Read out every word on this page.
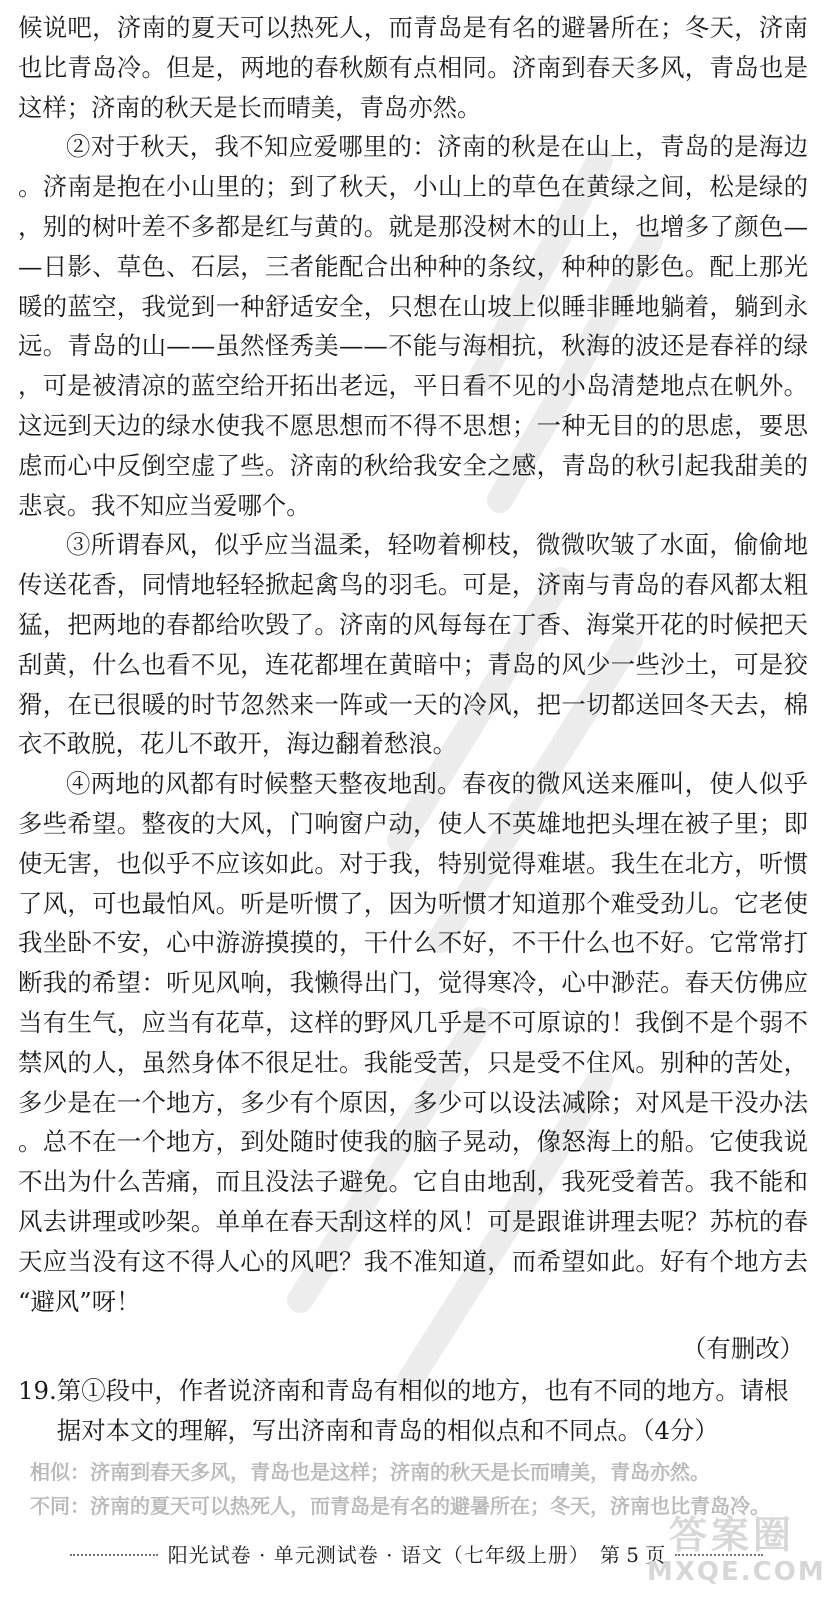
候说吧，济南的夏天可以热死人，而青岛是有名的避暑所在；冬天，济南也比青岛冷。但是，两地的春秋颇有点相同。济南到春天多风，青岛也是这样；济南的秋天是长而晴美，青岛亦然。

②对于秋天，我不知应爱哪里的：济南的秋是在山上，青岛的是海边。济南是抱在小山里的；到了秋天，小山上的草色在黄绿之间，松是绿的，别的树叶差不多都是红与黄的。就是那没树木的山上，也增多了颜色——日影、草色、石层，三者能配合出种种的条纹，种种的影色。配上那光暖的蓝空，我觉到一种舒适安全，只想在山坡上似睡非睡地躺着，躺到永远。青岛的山——虽然怪秀美——不能与海相抗，秋海的波还是春祥的绿，可是被清凉的蓝空给开拓出老远，平日看不见的小岛清楚地点在帆外。这远到天边的绿水使我不愿思想而不得不思想；一种无目的的思虑，要思虑而心中反倒空虚了些。济南的秋给我安全之感，青岛的秋引起我甜美的悲哀。我不知应当爱哪个。

③所谓春风，似乎应当温柔，轻吻着柳枝，微微吹皱了水面，偷偷地传送花香，同情地轻轻掀起禽鸟的羽毛。可是，济南与青岛的春风都太粗猛，把两地的春都给吹毁了。济南的风每每在丁香、海棠开花的时候把天刮黄，什么也看不见，连花都埋在黄暗中；青岛的风少一些沙土，可是狡猾，在已很暖的时节忽然来一阵或一天的冷风，把一切都送回冬天去，棉衣不敢脱，花儿不敢开，海边翻着愁浪。

④两地的风都有时候整天整夜地刮。春夜的微风送来雁叫，使人似乎多些希望。整夜的大风，门响窗户动，使人不英雄地把头埋在被子里；即使无害，也似乎不应该如此。对于我，特别觉得难堪。我生在北方，听惯了风，可也最怕风。听是听惯了，因为听惯才知道那个难受劲儿。它老使我坐卧不安，心中游游摸摸的，干什么不好，不干什么也不好。它常常打断我的希望：听见风响，我懒得出门，觉得寒冷，心中渺茫。春天仿佛应当有生气，应当有花草，这样的野风几乎是不可原谅的！我倒不是个弱不禁风的人，虽然身体不很足壮。我能受苦，只是受不住风。别种的苦处，多少是在一个地方，多少有个原因，多少可以设法减除；对风是干没办法。总不在一个地方，到处随时使我的脑子晃动，像怒海上的船。它使我说不出为什么苦痛，而且没法子避免。它自由地刮，我死受着苦。我不能和风去讲理或吵架。单单在春天刮这样的风！可是跟谁讲理去呢？苏杭的春天应当没有这不得人心的风吧？我不准知道，而希望如此。好有个地方去“避风”呀！

（有删改）

19. 第①段中，作者说济南和青岛有相似的地方，也有不同的地方。请根据对本文的理解，写出济南和青岛的相似点和不同点。（4分）
相似：济南到春天多风，青岛也是这样；济南的秋天是长而晴美，青岛亦然。
不同：济南的夏天可以热死人，而青岛是有名的避暑所在；冬天，济南也比青岛冷。
阳光试卷 · 单元测试卷 · 语文（七年级上册） 第 5 页 答案圈
MXQE.COM
